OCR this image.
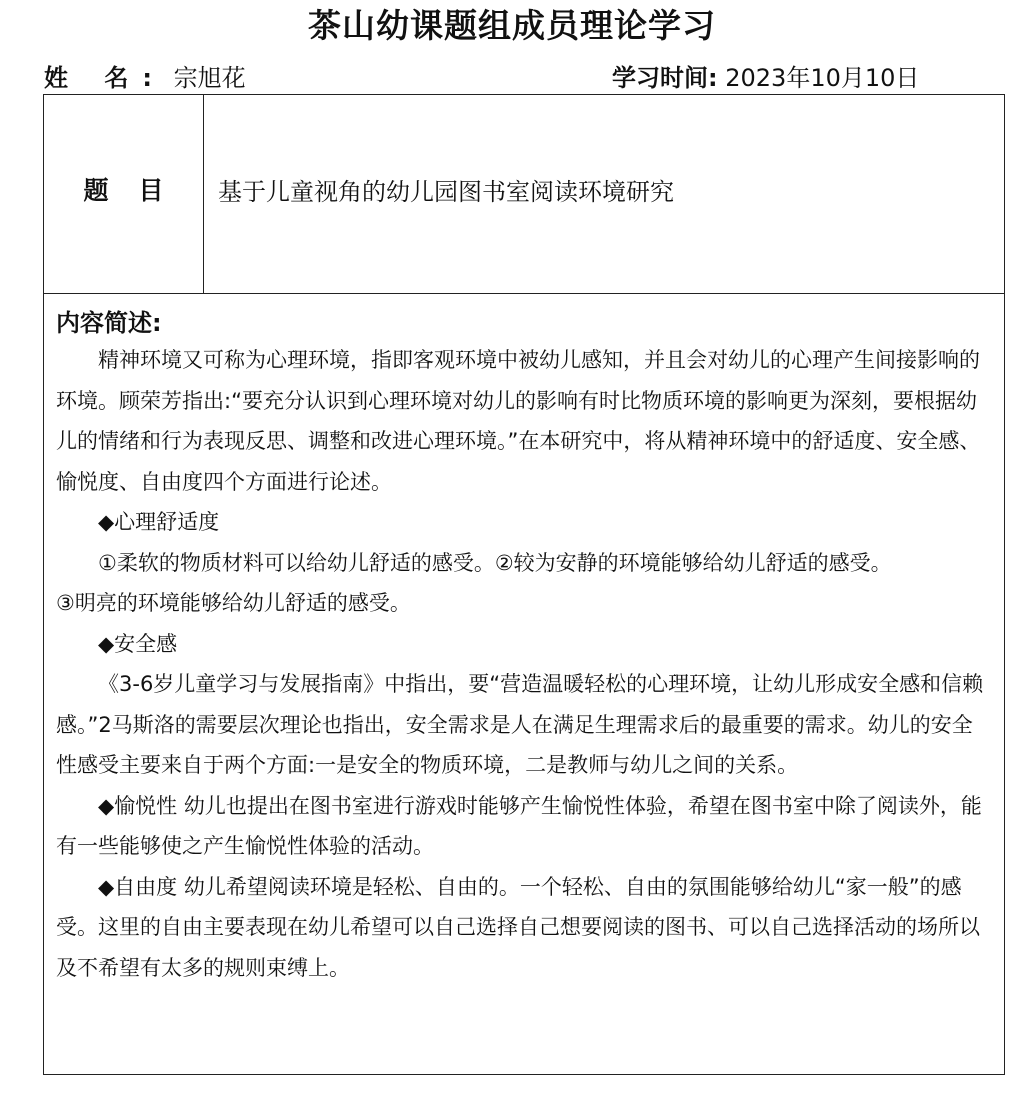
茶山幼课题组成员理论学习
姓 名: 宗旭花	学习时间: 2023年10月10日
题目	基于儿童视角的幼儿园图书室阅读环境研究
内容简述:

精神环境又可称为心理环境，指即客观环境中被幼儿感知，并且会对幼儿的心理产生间接影响的环境。顾荣芳指出:“要充分认识到心理环境对幼儿的影响有时比物质环境的影响更为深刻，要根据幼儿的情绪和行为表现反思、调整和改进心理环境。”在本研究中，将从精神环境中的舒适度、安全感、愉悦度、自由度四个方面进行论述。

◆心理舒适度

①柔软的物质材料可以给幼儿舒适的感受。②较为安静的环境能够给幼儿舒适的感受。

③明亮的环境能够给幼儿舒适的感受。

◆安全感

《3-6岁儿童学习与发展指南》中指出，要“营造温暖轻松的心理环境，让幼儿形成安全感和信赖感。”2马斯洛的需要层次理论也指出，安全需求是人在满足生理需求后的最重要的需求。幼儿的安全性感受主要来自于两个方面:一是安全的物质环境，二是教师与幼儿之间的关系。

◆愉悦性 幼儿也提出在图书室进行游戏时能够产生愉悦性体验，希望在图书室中除了阅读外，能有一些能够使之产生愉悦性体验的活动。

◆自由度 幼儿希望阅读环境是轻松、自由的。一个轻松、自由的氛围能够给幼儿“家一般”的感受。这里的自由主要表现在幼儿希望可以自己选择自己想要阅读的图书、可以自己选择活动的场所以及不希望有太多的规则束缚上。
